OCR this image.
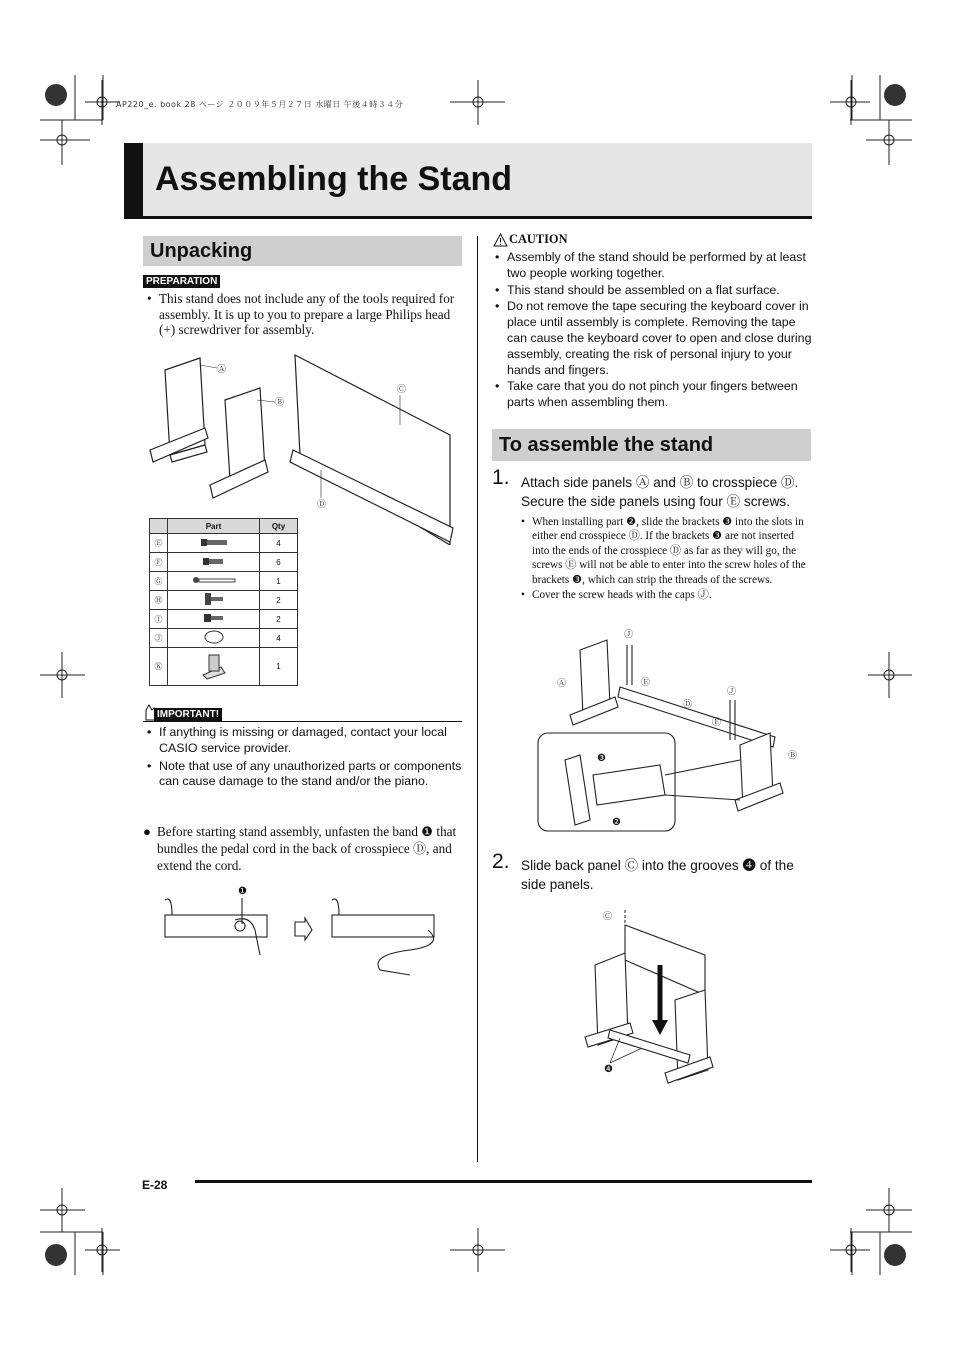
AP220_e. book 28 ページ ２００９年５月２７日 水曜日 午後４時３４分
Assembling the Stand
Unpacking
PREPARATION
• This stand does not include any of the tools required for assembly. It is up to you to prepare a large Philips head (+) screwdriver for assembly.
Ⓐ
Ⓑ
Ⓒ
Ⓓ
	Part	Qty
Ⓔ		4
Ⓕ		6
Ⓖ		1
Ⓗ		2
Ⓘ		2
Ⓙ		4
Ⓚ		1
IMPORTANT!
• If anything is missing or damaged, contact your local CASIO service provider.
• Note that use of any unauthorized parts or components can cause damage to the stand and/or the piano.
● Before starting stand assembly, unfasten the band ❶ that bundles the pedal cord in the back of crosspiece Ⓓ, and extend the cord.
❶
CAUTION
• Assembly of the stand should be performed by at least two people working together.
• This stand should be assembled on a flat surface.
• Do not remove the tape securing the keyboard cover in place until assembly is complete. Removing the tape can cause the keyboard cover to open and close during assembly, creating the risk of personal injury to your hands and fingers.
• Take care that you do not pinch your fingers between parts when assembling them.
To assemble the stand
1. Attach side panels Ⓐ and Ⓑ to crosspiece Ⓓ. Secure the side panels using four Ⓔ screws.
• When installing part ❷, slide the brackets ❸ into the slots in either end crosspiece Ⓓ. If the brackets ❸ are not inserted into the ends of the crosspiece Ⓓ as far as they will go, the screws Ⓔ will not be able to enter into the screw holes of the brackets ❸, which can strip the threads of the screws.
• Cover the screw heads with the caps Ⓙ.
Ⓙ
Ⓐ	Ⓔ
Ⓓ
Ⓙ
Ⓔ
Ⓑ
❸
❷
2. Slide back panel Ⓒ into the grooves ❹ of the side panels.
Ⓒ
❹
E-28
